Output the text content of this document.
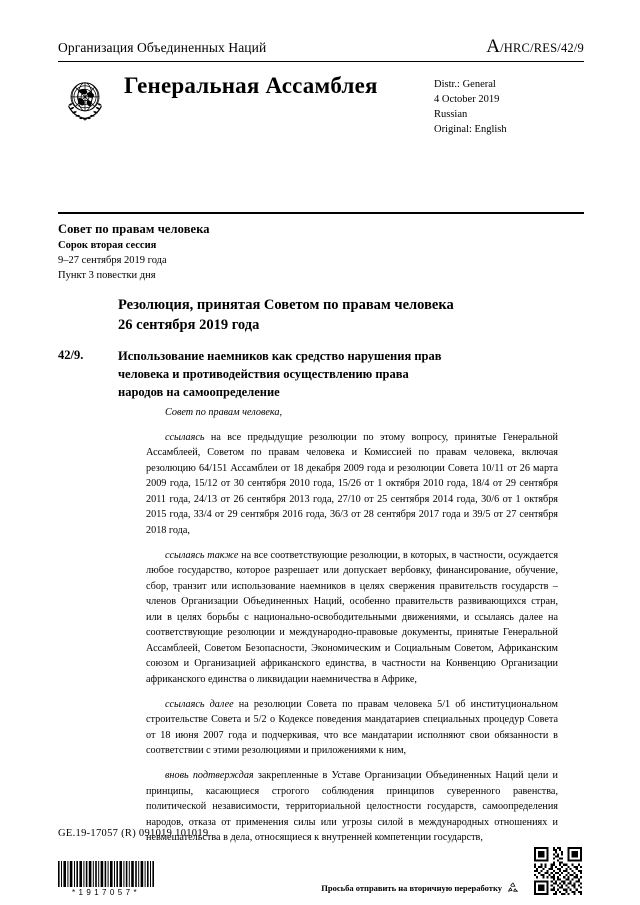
Организация Объединенных Наций	A/HRC/RES/42/9
Генеральная Ассамблея	Distr.: General
4 October 2019
Russian
Original: English
Совет по правам человека
Сорок вторая сессия
9–27 сентября 2019 года
Пункт 3 повестки дня
Резолюция, принятая Советом по правам человека
26 сентября 2019 года
42/9.	Использование наемников как средство нарушения прав человека и противодействия осуществлению права народов на самоопределение

Совет по правам человека,

ссылаясь на все предыдущие резолюции по этому вопросу, принятые Генеральной Ассамблеей, Советом по правам человека и Комиссией по правам человека, включая резолюцию 64/151 Ассамблеи от 18 декабря 2009 года и резолюции Совета 10/11 от 26 марта 2009 года, 15/12 от 30 сентября 2010 года, 15/26 от 1 октября 2010 года, 18/4 от 29 сентября 2011 года, 24/13 от 26 сентября 2013 года, 27/10 от 25 сентября 2014 года, 30/6 от 1 октября 2015 года, 33/4 от 29 сентября 2016 года, 36/3 от 28 сентября 2017 года и 39/5 от 27 сентября 2018 года,

ссылаясь также на все соответствующие резолюции, в которых, в частности, осуждается любое государство, которое разрешает или допускает вербовку, финансирование, обучение, сбор, транзит или использование наемников в целях свержения правительств государств – членов Организации Объединенных Наций, особенно правительств развивающихся стран, или в целях борьбы с национально-освободительными движениями, и ссылаясь далее на соответствующие резолюции и международно-правовые документы, принятые Генеральной Ассамблеей, Советом Безопасности, Экономическим и Социальным Советом, Африканским союзом и Организацией африканского единства, в частности на Конвенцию Организации африканского единства о ликвидации наемничества в Африке,

ссылаясь далее на резолюции Совета по правам человека 5/1 об институциональном строительстве Совета и 5/2 о Кодексе поведения мандатариев специальных процедур Совета от 18 июня 2007 года и подчеркивая, что все мандатарии исполняют свои обязанности в соответствии с этими резолюциями и приложениями к ним,

вновь подтверждая закрепленные в Уставе Организации Объединенных Наций цели и принципы, касающиеся строгого соблюдения принципов суверенного равенства, политической независимости, территориальной целостности государств, самоопределения народов, отказа от применения силы или угрозы силой в международных отношениях и невмешательства в дела, относящиеся к внутренней компетенции государств,

GE.19-17057 (R) 091019 101019
*1917057*	Просьба отправить на вторичную переработку
